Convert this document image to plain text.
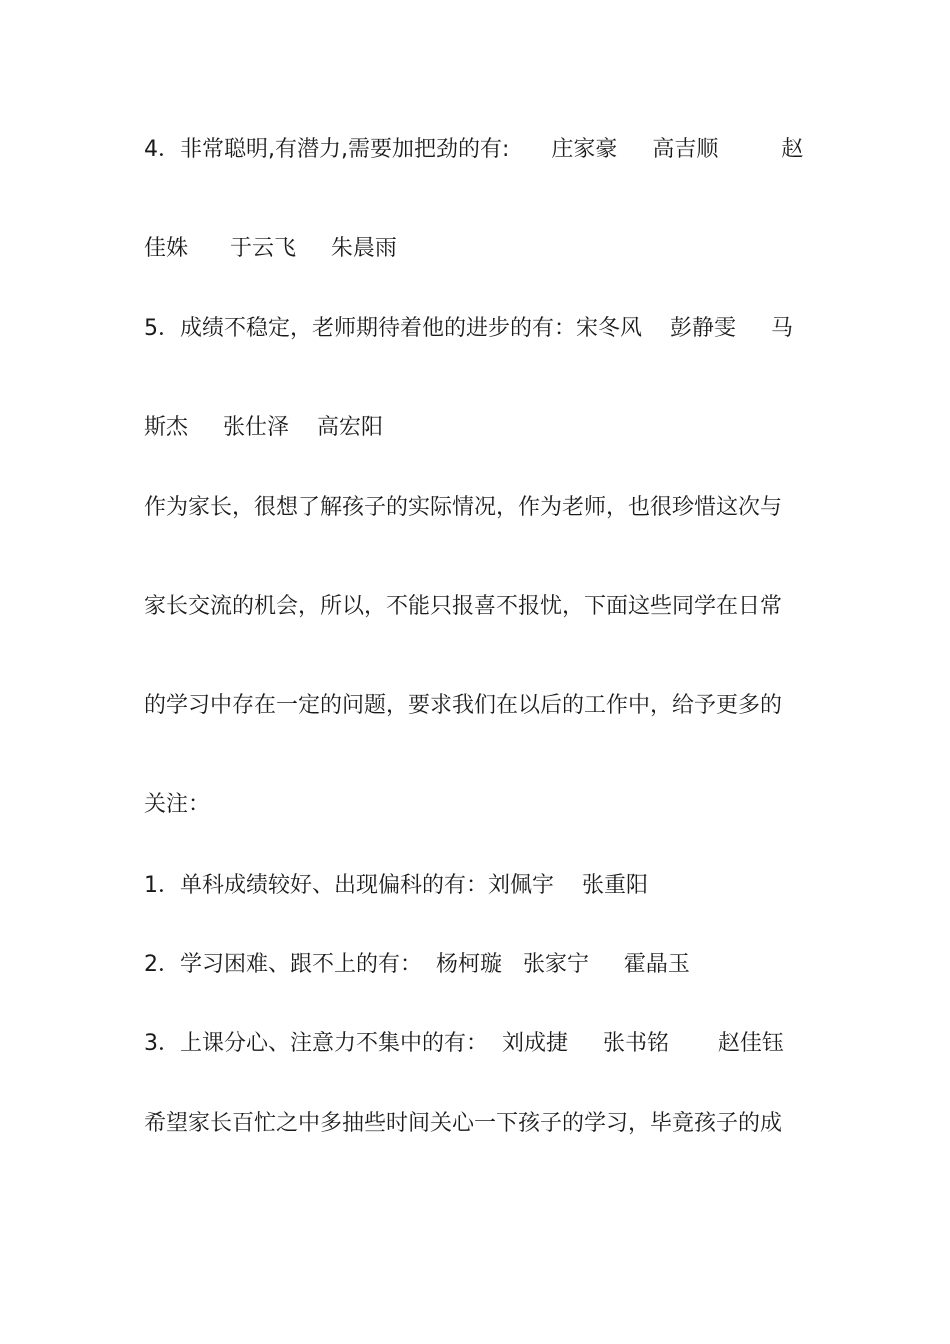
4．非常聪明,有潜力,需要加把劲的有:      庄家豪     高吉顺         赵
佳姝      于云飞     朱晨雨
5．成绩不稳定，老师期待着他的进步的有：宋冬风    彭静雯     马
斯杰     张仕泽    高宏阳
作为家长，很想了解孩子的实际情况，作为老师，也很珍惜这次与
家长交流的机会，所以，不能只报喜不报忧，下面这些同学在日常
的学习中存在一定的问题，要求我们在以后的工作中，给予更多的
关注：
1．单科成绩较好、出现偏科的有：刘佩宇    张重阳
2．学习困难、跟不上的有：  杨柯璇   张家宁     霍晶玉
3．上课分心、注意力不集中的有：  刘成捷     张书铭       赵佳钰
希望家长百忙之中多抽些时间关心一下孩子的学习，毕竟孩子的成
